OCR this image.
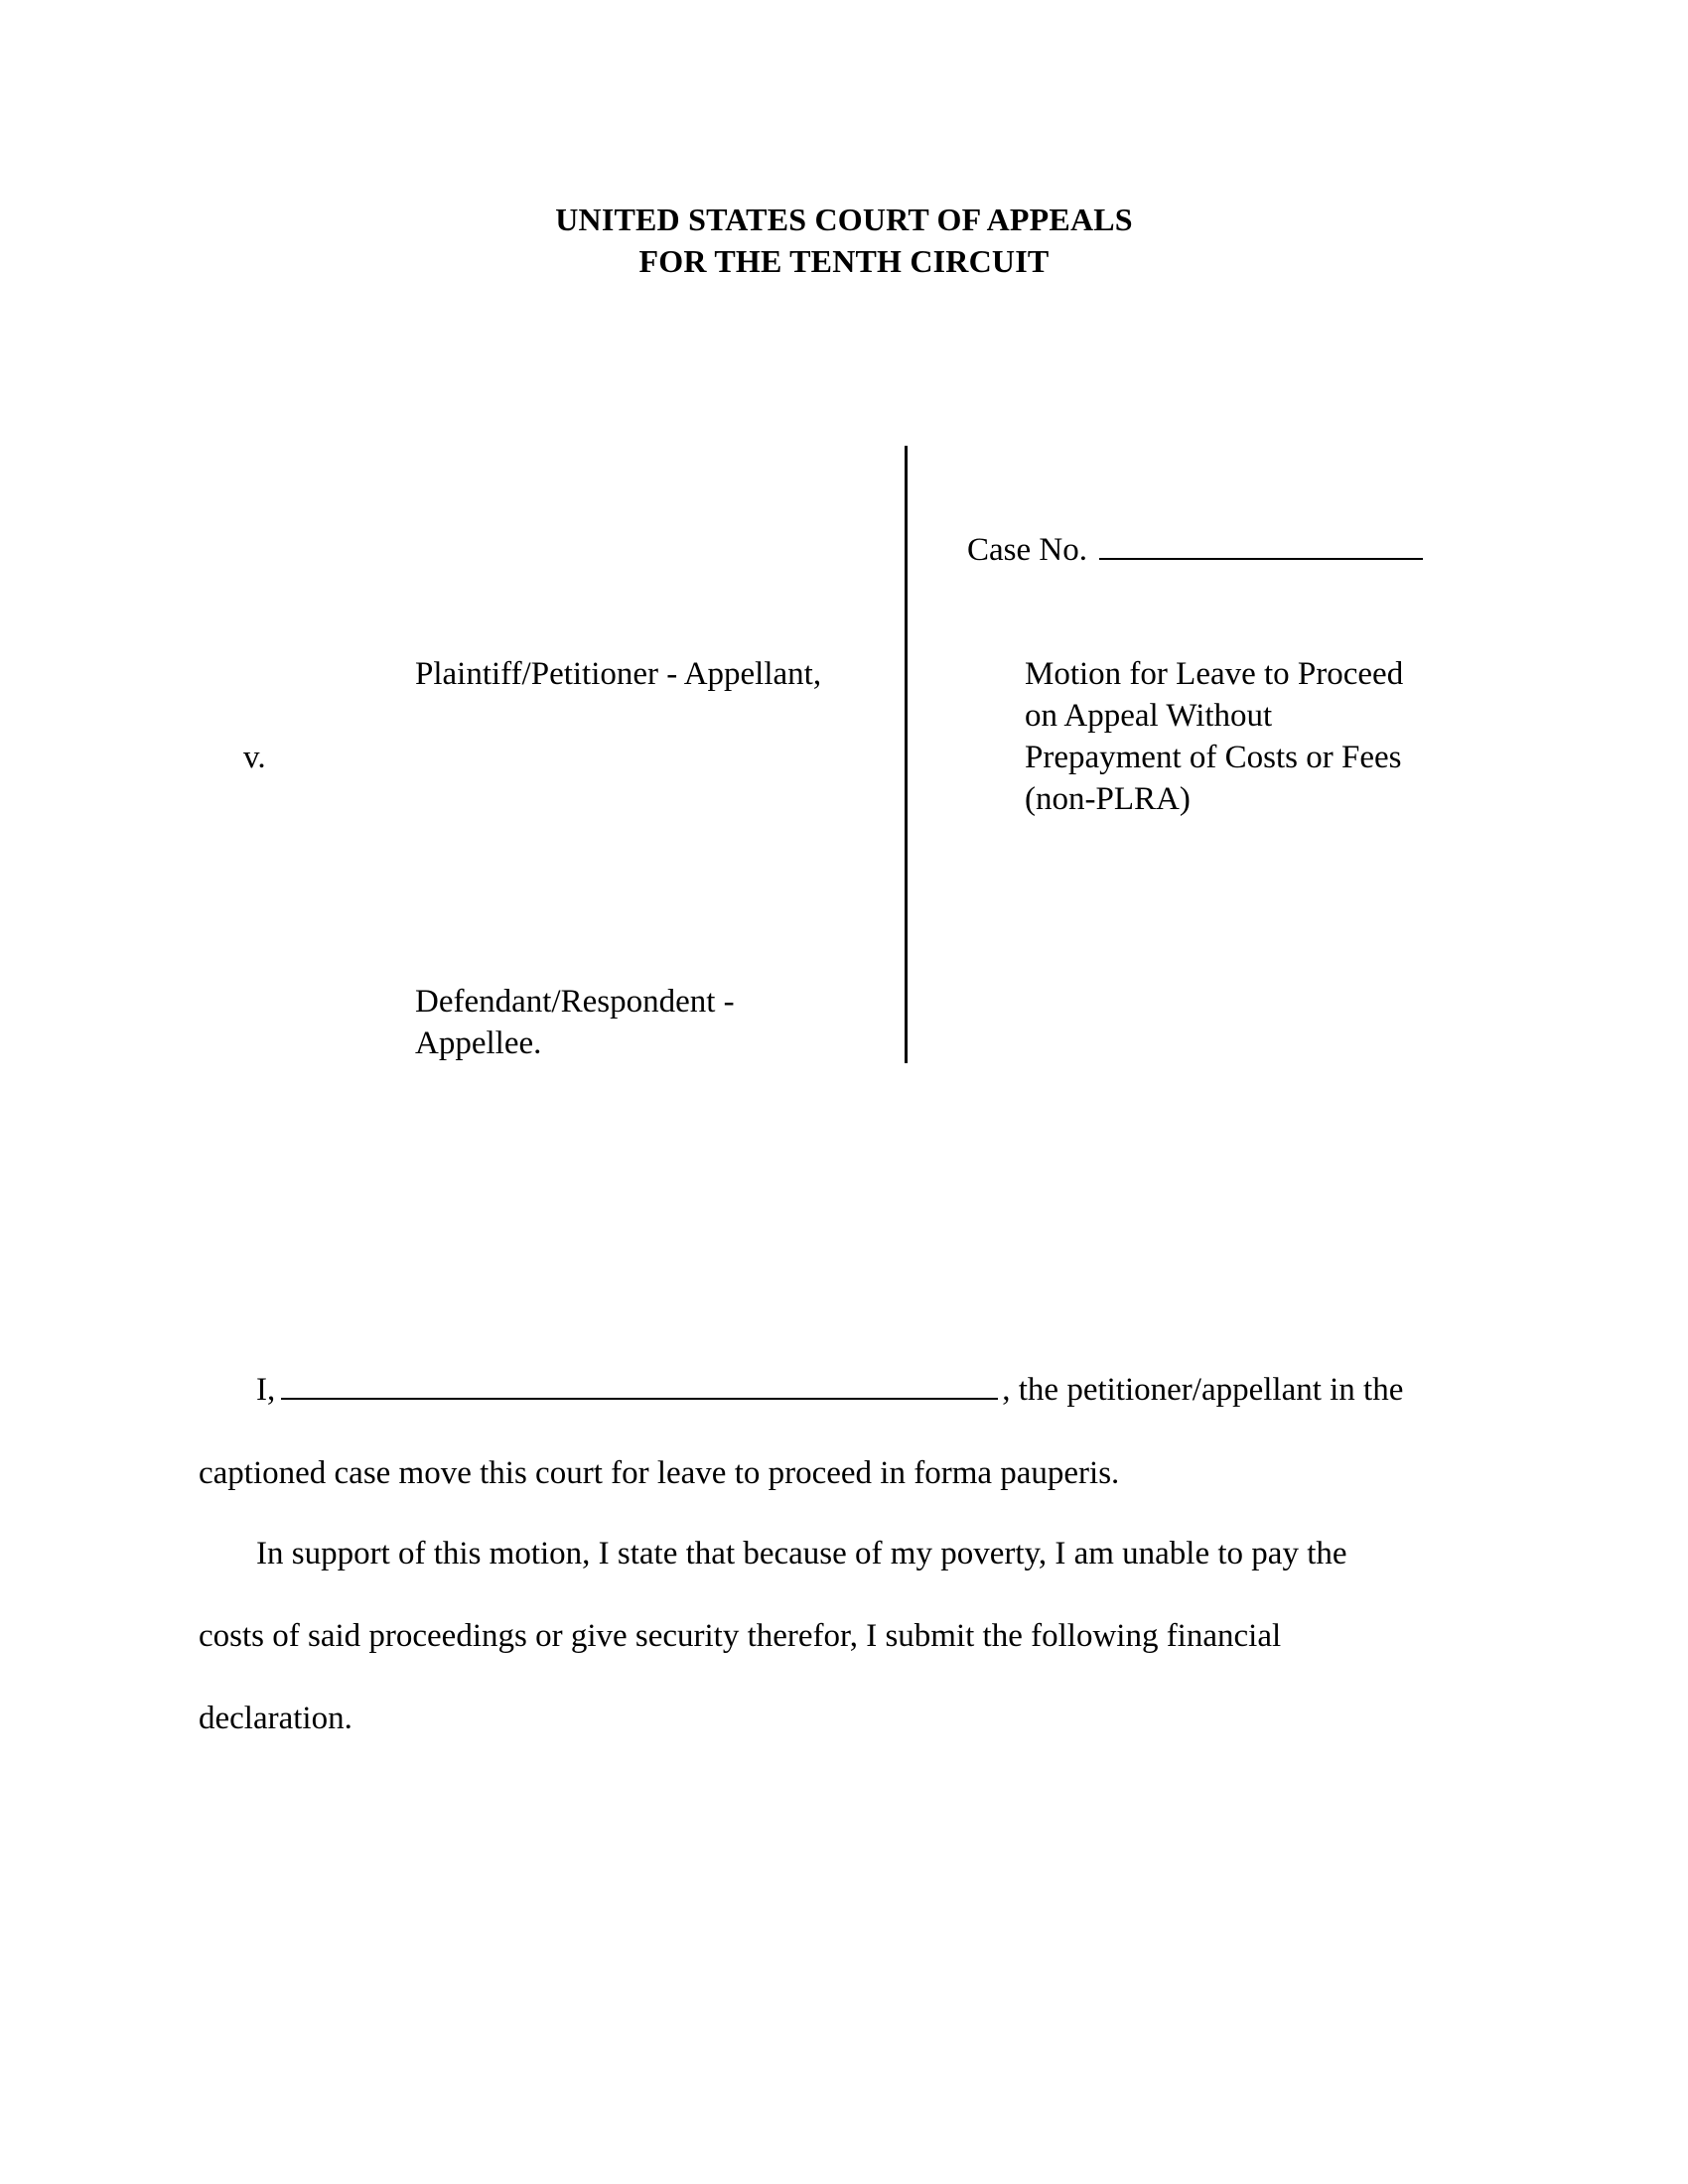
UNITED STATES COURT OF APPEALS
FOR THE TENTH CIRCUIT
Case No.
Plaintiff/Petitioner - Appellant,
v.
Defendant/Respondent -
Appellee.
Motion for Leave to Proceed
on Appeal Without
Prepayment of Costs or Fees
(non-PLRA)
I,	, the petitioner/appellant in the
captioned case move this court for leave to proceed in forma pauperis.
In support of this motion, I state that because of my poverty, I am unable to pay the
costs of said proceedings or give security therefor, I submit the following financial
declaration.
